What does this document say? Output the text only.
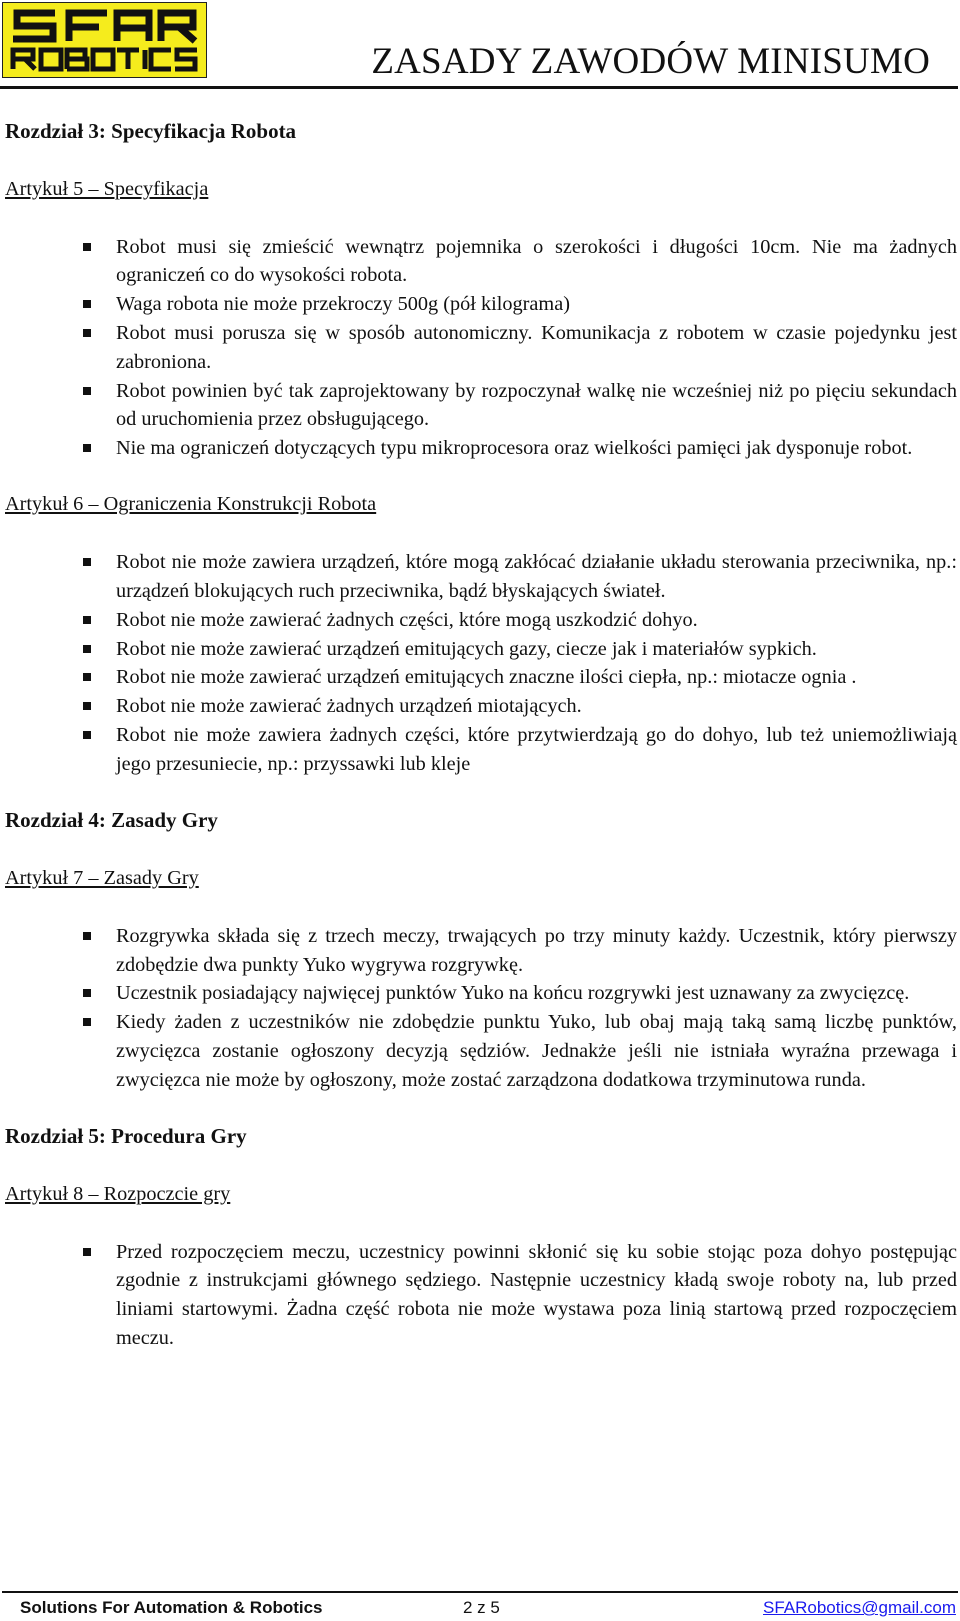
ZASADY ZAWODÓW MINISUMO

Rozdział 3: Specyfikacja Robota

Artykuł 5 – Specyfikacja

Robot musi się zmieścić wewnątrz pojemnika o szerokości i długości 10cm. Nie ma żadnych ograniczeń co do wysokości robota.
Waga robota nie może przekroczy 500g (pół kilograma)
Robot musi porusza się w sposób autonomiczny. Komunikacja z robotem w czasie pojedynku jest zabroniona.
Robot powinien być tak zaprojektowany by rozpoczynał walkę nie wcześniej niż po pięciu sekundach od uruchomienia przez obsługującego.
Nie ma ograniczeń dotyczących typu mikroprocesora oraz wielkości pamięci jak dysponuje robot.

Artykuł 6 – Ograniczenia Konstrukcji Robota

Robot nie może zawiera urządzeń, które mogą zakłócać działanie układu sterowania przeciwnika, np.: urządzeń blokujących ruch przeciwnika, bądź błyskających świateł.
Robot nie może zawierać żadnych części, które mogą uszkodzić dohyo.
Robot nie może zawierać urządzeń emitujących gazy, ciecze jak i materiałów sypkich.
Robot nie może zawierać urządzeń emitujących znaczne ilości ciepła, np.: miotacze ognia .
Robot nie może zawierać żadnych urządzeń miotających.
Robot nie może zawiera żadnych części, które przytwierdzają go do dohyo, lub też uniemożliwiają jego przesuniecie, np.: przyssawki lub kleje

Rozdział 4: Zasady Gry

Artykuł 7 – Zasady Gry

Rozgrywka składa się z trzech meczy, trwających po trzy minuty każdy. Uczestnik, który pierwszy zdobędzie dwa punkty Yuko wygrywa rozgrywkę.
Uczestnik posiadający najwięcej punktów Yuko na końcu rozgrywki jest uznawany za zwycięzcę.
Kiedy żaden z uczestników nie zdobędzie punktu Yuko, lub obaj mają taką samą liczbę punktów, zwycięzca zostanie ogłoszony decyzją sędziów. Jednakże jeśli nie istniała wyraźna przewaga i zwycięzca nie może by ogłoszony, może zostać zarządzona dodatkowa trzyminutowa runda.

Rozdział 5: Procedura Gry

Artykuł 8 – Rozpoczcie gry

Przed rozpoczęciem meczu, uczestnicy powinni skłonić się ku sobie stojąc poza dohyo postępując zgodnie z instrukcjami głównego sędziego. Następnie uczestnicy kładą swoje roboty na, lub przed liniami startowymi. Żadna część robota nie może wystawa poza linią startową przed rozpoczęciem meczu.
Solutions For Automation & Robotics	2 z 5	SFARobotics@gmail.com
